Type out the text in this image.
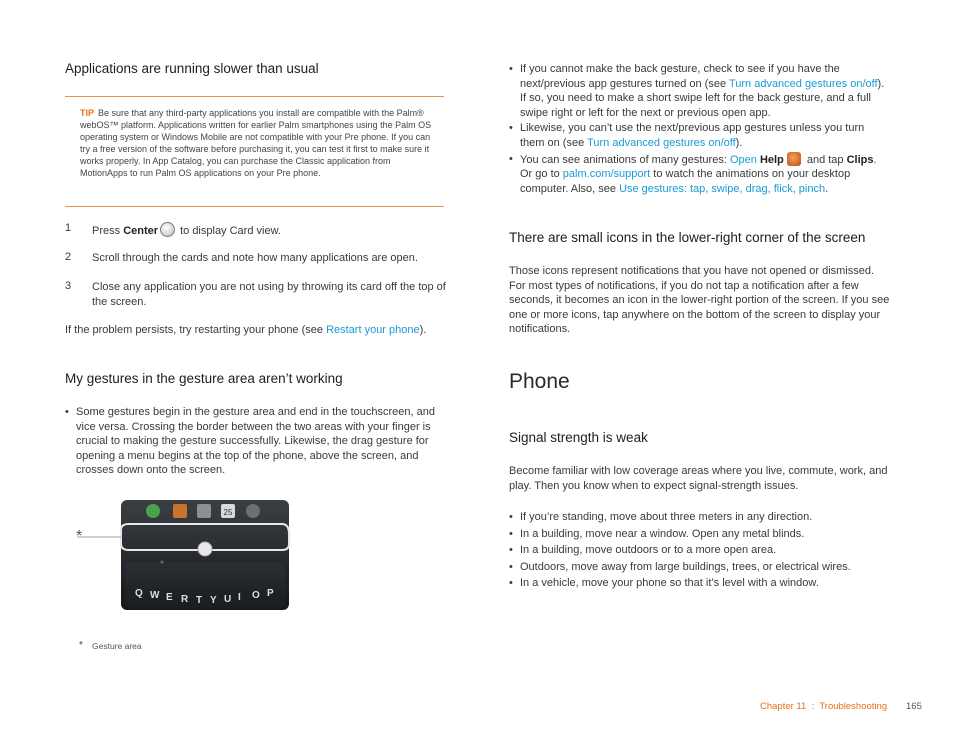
Applications are running slower than usual
TIP Be sure that any third-party applications you install are compatible with the Palm® webOS™ platform. Applications written for earlier Palm smartphones using the Palm OS operating system or Windows Mobile are not compatible with your Pre phone. If you can try a free version of the software before purchasing it, you can test it first to make sure it works properly. In App Catalog, you can purchase the Classic application from MotionApps to run Palm OS applications on your Pre phone.
1 Press Center to display Card view.
2 Scroll through the cards and note how many applications are open.
3 Close any application you are not using by throwing its card off the top of the screen.
If the problem persists, try restarting your phone (see Restart your phone).
My gestures in the gesture area aren’t working
• Some gestures begin in the gesture area and end in the touchscreen, and vice versa. Crossing the border between the two areas with your finger is crucial to making the gesture successfully. Likewise, the drag gesture for opening a menu begins at the top of the phone, above the screen, and crosses down onto the screen.
25
Q W E R T Y U I O P
*
* Gesture area
• If you cannot make the back gesture, check to see if you have the next/previous app gestures turned on (see Turn advanced gestures on/off). If so, you need to make a short swipe left for the back gesture, and a full swipe right or left for the next or previous open app.
• Likewise, you can’t use the next/previous app gestures unless you turn them on (see Turn advanced gestures on/off).
• You can see animations of many gestures: Open Help and tap Clips. Or go to palm.com/support to watch the animations on your desktop computer. Also, see Use gestures: tap, swipe, drag, flick, pinch.
There are small icons in the lower-right corner of the screen
Those icons represent notifications that you have not opened or dismissed. For most types of notifications, if you do not tap a notification after a few seconds, it becomes an icon in the lower-right portion of the screen. If you see one or more icons, tap anywhere on the bottom of the screen to display your notifications.
Phone
Signal strength is weak
Become familiar with low coverage areas where you live, commute, work, and play. Then you know when to expect signal-strength issues.
• If you’re standing, move about three meters in any direction.
• In a building, move near a window. Open any metal blinds.
• In a building, move outdoors or to a more open area.
• Outdoors, move away from large buildings, trees, or electrical wires.
• In a vehicle, move your phone so that it’s level with a window.
Chapter 11  :  Troubleshooting 165
